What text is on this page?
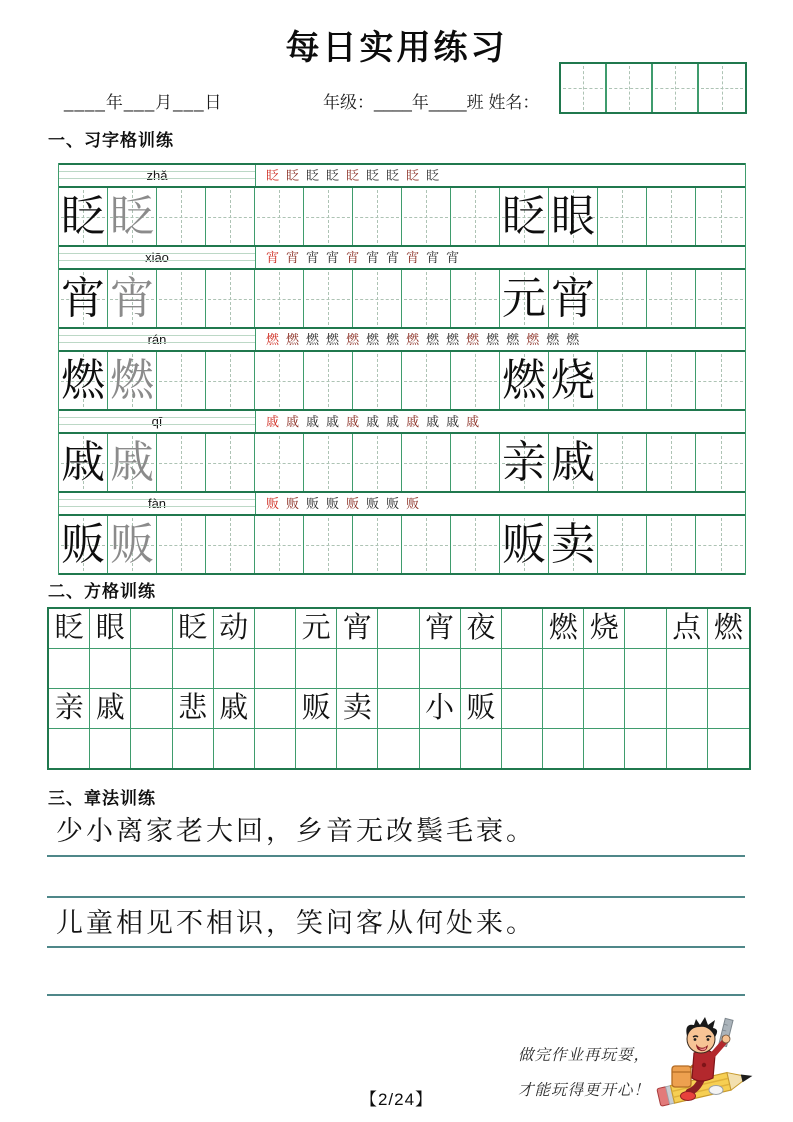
每日实用练习
____年___月___日	年级：____年____班 姓名：
一、习字格训练
zhǎ	眨 眨 眨 眨 眨 眨 眨 眨 眨
眨 眨	眨 眼
xiāo	宵 宵 宵 宵 宵 宵 宵 宵 宵 宵
宵 宵	元 宵
rán	燃 燃 燃 燃 燃 燃 燃 燃 燃 燃 燃 燃 燃 燃 燃 燃
燃 燃	燃 烧
qī	戚 戚 戚 戚 戚 戚 戚 戚 戚 戚 戚
戚 戚	亲 戚
fàn	贩 贩 贩 贩 贩 贩 贩 贩
贩 贩	贩 卖
二、方格训练
眨 眼 眨 动 元 宵 宵 夜 燃 烧 点 燃
亲 戚 悲 戚 贩 卖 小 贩
三、章法训练
少小离家老大回，乡音无改鬓毛衰。
儿童相见不相识，笑问客从何处来。
【2/24】
做完作业再玩耍，
才能玩得更开心！
